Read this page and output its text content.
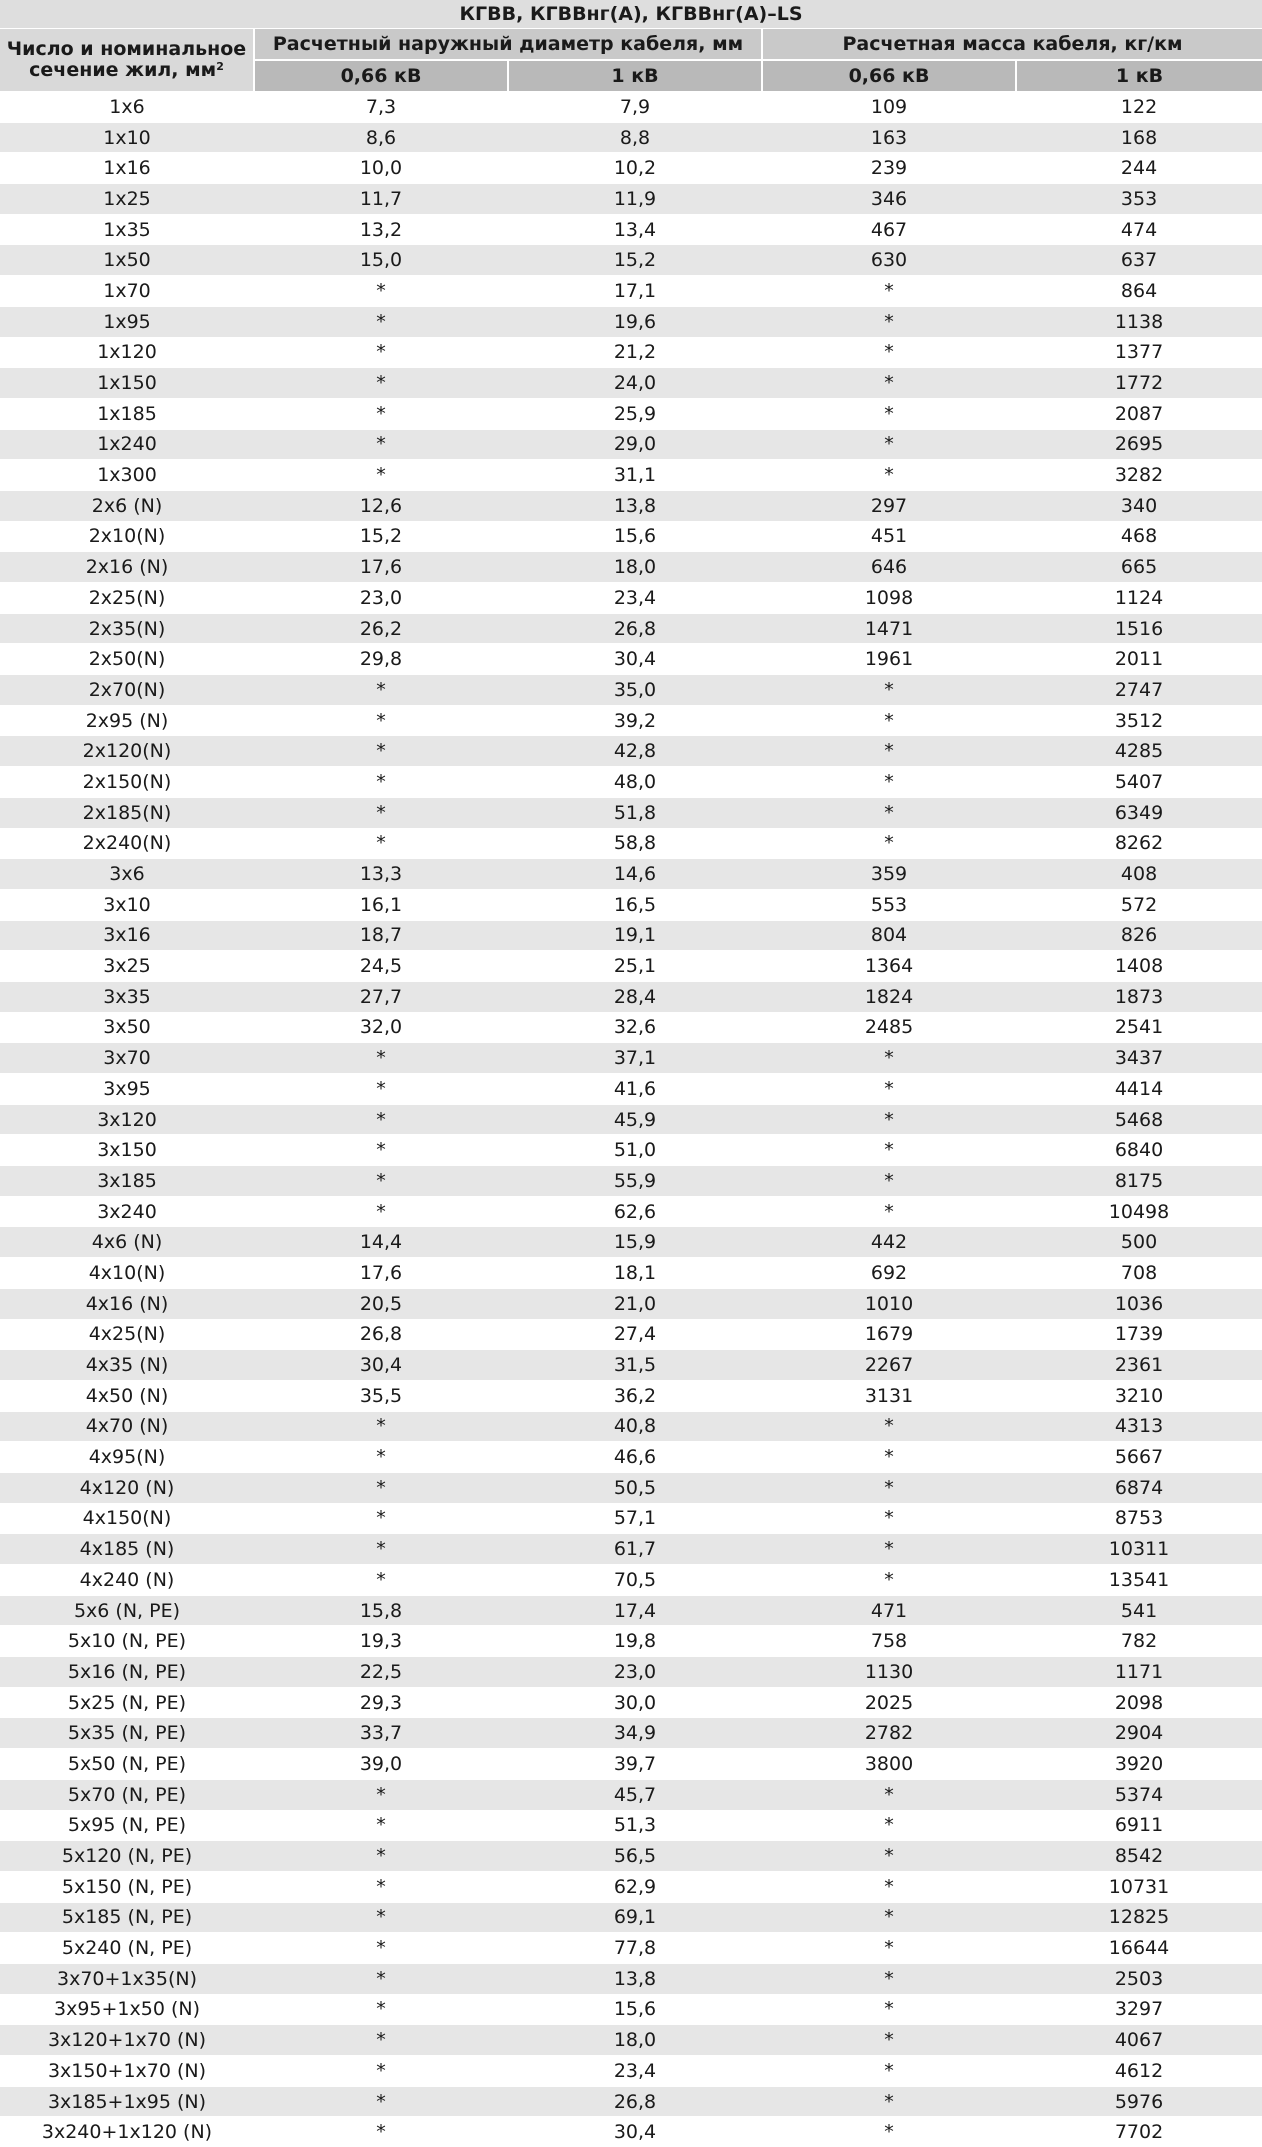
КГВВ, КГВВнг(А), КГВВнг(А)–LS				
Число и номинальное
сечение жил, $мм^2$	Расчетный наружный диаметр кабеля, мм		Расчетная масса кабеля, кг/км	
	0,66 кВ	1 кВ	0,66 кВ	1 кВ
1x6	7,3	7,9	109	122
1x10	8,6	8,8	163	168
1x16	10,0	10,2	239	244
1x25	11,7	11,9	346	353
1x35	13,2	13,4	467	474
1x50	15,0	15,2	630	637
1x70	*	17,1	*	864
1x95	*	19,6	*	1138
1x120	*	21,2	*	1377
1x150	*	24,0	*	1772
1x185	*	25,9	*	2087
1x240	*	29,0	*	2695
1x300	*	31,1	*	3282
2x6 (N)	12,6	13,8	297	340
2x10(N)	15,2	15,6	451	468
2x16 (N)	17,6	18,0	646	665
2x25(N)	23,0	23,4	1098	1124
2x35(N)	26,2	26,8	1471	1516
2x50(N)	29,8	30,4	1961	2011
2x70(N)	*	35,0	*	2747
2x95 (N)	*	39,2	*	3512
2x120(N)	*	42,8	*	4285
2x150(N)	*	48,0	*	5407
2x185(N)	*	51,8	*	6349
2x240(N)	*	58,8	*	8262
3x6	13,3	14,6	359	408
3x10	16,1	16,5	553	572
3x16	18,7	19,1	804	826
3x25	24,5	25,1	1364	1408
3x35	27,7	28,4	1824	1873
3x50	32,0	32,6	2485	2541
3x70	*	37,1	*	3437
3x95	*	41,6	*	4414
3x120	*	45,9	*	5468
3x150	*	51,0	*	6840
3x185	*	55,9	*	8175
3x240	*	62,6	*	10498
4x6 (N)	14,4	15,9	442	500
4x10(N)	17,6	18,1	692	708
4x16 (N)	20,5	21,0	1010	1036
4x25(N)	26,8	27,4	1679	1739
4x35 (N)	30,4	31,5	2267	2361
4x50 (N)	35,5	36,2	3131	3210
4x70 (N)	*	40,8	*	4313
4x95(N)	*	46,6	*	5667
4x120 (N)	*	50,5	*	6874
4x150(N)	*	57,1	*	8753
4x185 (N)	*	61,7	*	10311
4x240 (N)	*	70,5	*	13541
5x6 (N, PE)	15,8	17,4	471	541
5x10 (N, PE)	19,3	19,8	758	782
5x16 (N, PE)	22,5	23,0	1130	1171
5x25 (N, PE)	29,3	30,0	2025	2098
5x35 (N, PE)	33,7	34,9	2782	2904
5x50 (N, PE)	39,0	39,7	3800	3920
5x70 (N, PE)	*	45,7	*	5374
5x95 (N, PE)	*	51,3	*	6911
5x120 (N, PE)	*	56,5	*	8542
5x150 (N, PE)	*	62,9	*	10731
5x185 (N, PE)	*	69,1	*	12825
5x240 (N, PE)	*	77,8	*	16644
3x70+1x35(N)	*	13,8	*	2503
3x95+1x50 (N)	*	15,6	*	3297
3x120+1x70 (N)	*	18,0	*	4067
3x150+1x70 (N)	*	23,4	*	4612
3x185+1x95 (N)	*	26,8	*	5976
3x240+1x120 (N)	*	30,4	*	7702
